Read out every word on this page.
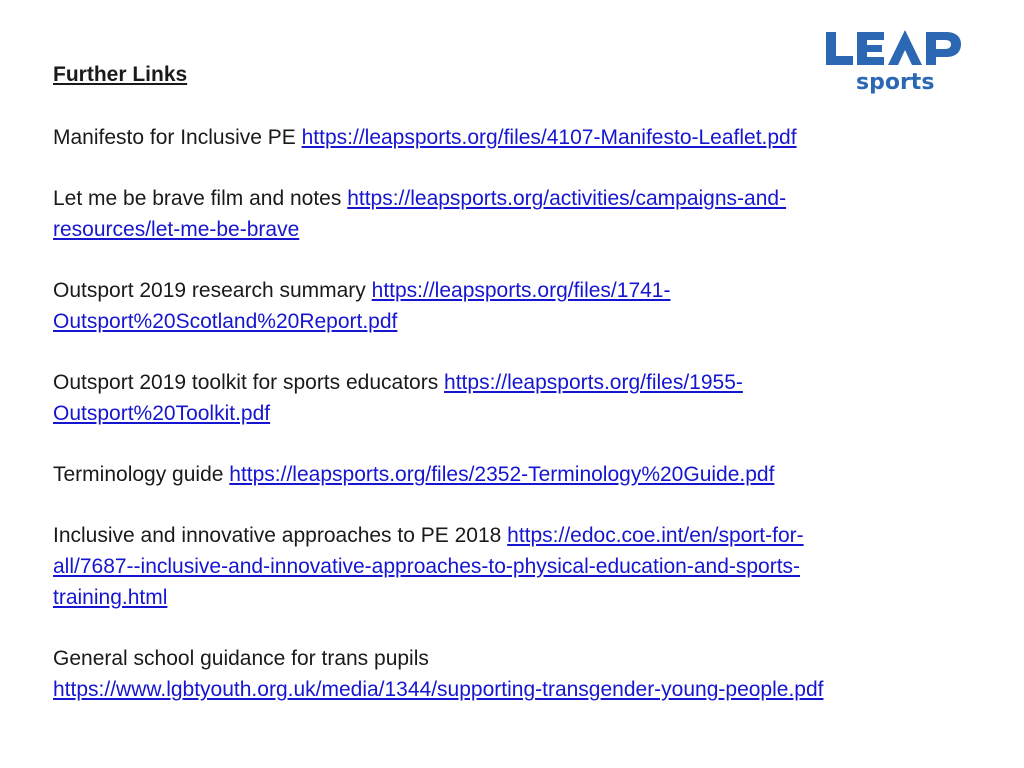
sports
Further Links
Manifesto for Inclusive PE https://leapsports.org/files/4107-Manifesto-Leaflet.pdf
Let me be brave film and notes https://leapsports.org/activities/campaigns-and-
resources/let-me-be-brave
Outsport 2019 research summary https://leapsports.org/files/1741-
Outsport%20Scotland%20Report.pdf
Outsport 2019 toolkit for sports educators https://leapsports.org/files/1955-
Outsport%20Toolkit.pdf
Terminology guide https://leapsports.org/files/2352-Terminology%20Guide.pdf
Inclusive and innovative approaches to PE 2018 https://edoc.coe.int/en/sport-for-
all/7687--inclusive-and-innovative-approaches-to-physical-education-and-sports-
training.html
General school guidance for trans pupils
https://www.lgbtyouth.org.uk/media/1344/supporting-transgender-young-people.pdf
